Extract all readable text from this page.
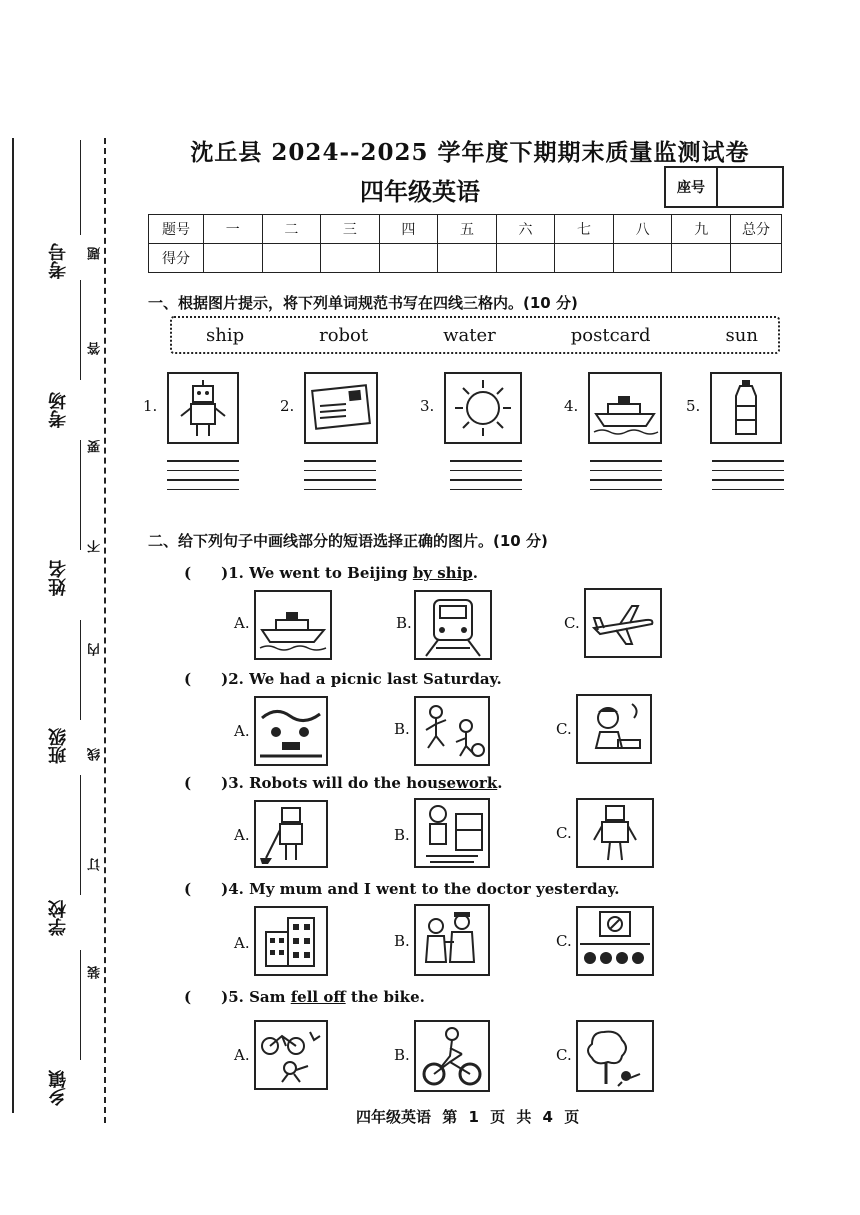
考号
考场
姓名
班级
学校
乡镇
题
答
要
不
内
线
订
装
沈丘县 2024--2025 学年度下期期末质量监测试卷
四年级英语	座号
题号	一	二	三	四	五	六	七	八	九	总分
得分										
一、根据图片提示，将下列单词规范书写在四线三格内。(10 分)
ship	robot	water	postcard	sun
1.	2.	3.	4.	5.
二、给下列句子中画线部分的短语选择正确的图片。(10 分)
( )1. We went to Beijing by ship.
A.	B.	C.
( )2. We had a picnic last Saturday.
A.	B.	C.
( )3. Robots will do the housework.
A.	B.	C.
( )4. My mum and I went to the doctor yesterday.
A.	B.	C.
( )5. Sam fell off the bike.
A.	B.	C.
四年级英语 第 1 页 共 4 页
